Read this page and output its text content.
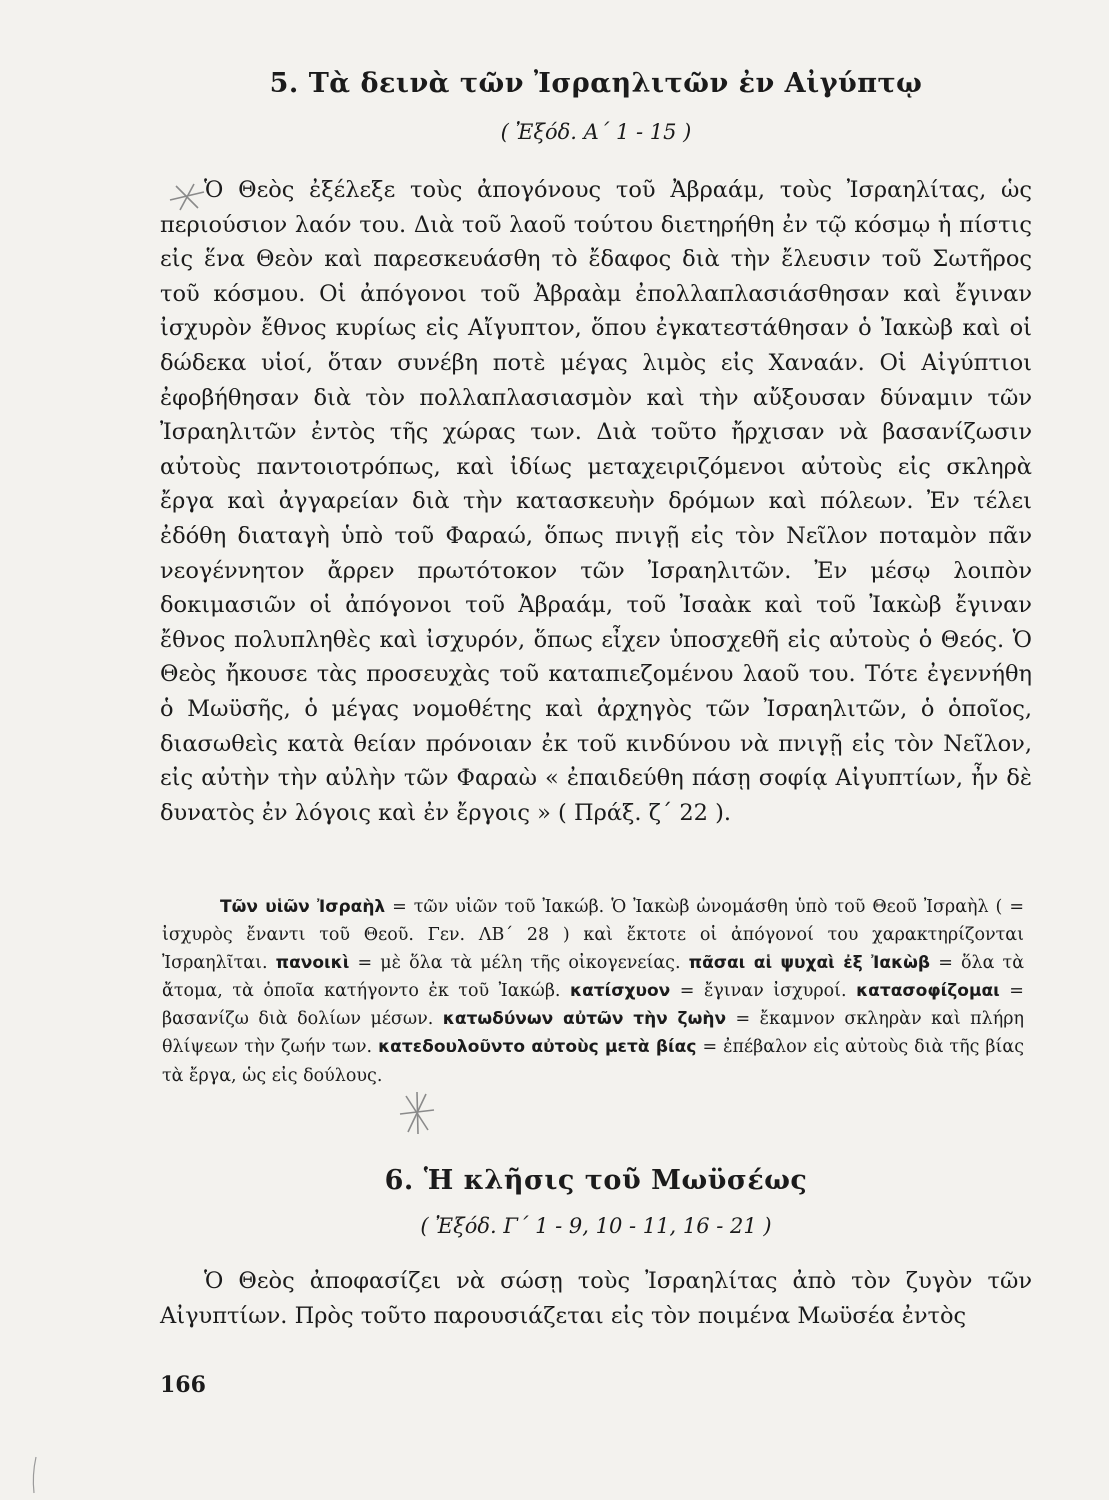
5. Τὰ δεινὰ τῶν Ἰσραηλιτῶν ἐν Αἰγύπτῳ
( Ἐξόδ. Α΄ 1 - 15 )

Ὁ Θεὸς ἐξέλεξε τοὺς ἀπογόνους τοῦ Ἀβραάμ, τοὺς Ἰσραηλίτας, ὡς περιούσιον λαόν του. Διὰ τοῦ λαοῦ τούτου διετηρήθη ἐν τῷ κόσμῳ ἡ πίστις εἰς ἕνα Θεὸν καὶ παρεσκευάσθη τὸ ἔδαφος διὰ τὴν ἔλευσιν τοῦ Σωτῆρος τοῦ κόσμου. Οἱ ἀπόγονοι τοῦ Ἀβραὰμ ἐπολλαπλασιάσθησαν καὶ ἔγιναν ἰσχυρὸν ἔθνος κυρίως εἰς Αἴγυπτον, ὅπου ἐγκατεστάθησαν ὁ Ἰακὼβ καὶ οἱ δώδεκα υἱοί, ὅταν συνέβη ποτὲ μέγας λιμὸς εἰς Χαναάν. Οἱ Αἰγύπτιοι ἐφοβήθησαν διὰ τὸν πολλαπλασιασμὸν καὶ τὴν αὔξουσαν δύναμιν τῶν Ἰσραηλιτῶν ἐντὸς τῆς χώρας των. Διὰ τοῦτο ἤρχισαν νὰ βασανίζωσιν αὐτοὺς παντοιοτρόπως, καὶ ἰδίως μεταχειριζόμενοι αὐτοὺς εἰς σκληρὰ ἔργα καὶ ἀγγαρείαν διὰ τὴν κατασκευὴν δρόμων καὶ πόλεων. Ἐν τέλει ἐδόθη διαταγὴ ὑπὸ τοῦ Φαραώ, ὅπως πνιγῇ εἰς τὸν Νεῖλον ποταμὸν πᾶν νεογέννητον ἄρρεν πρωτότοκον τῶν Ἰσραηλιτῶν. Ἐν μέσῳ λοιπὸν δοκιμασιῶν οἱ ἀπόγονοι τοῦ Ἀβραάμ, τοῦ Ἰσαὰκ καὶ τοῦ Ἰακὼβ ἔγιναν ἔθνος πολυπληθὲς καὶ ἰσχυρόν, ὅπως εἶχεν ὑποσχεθῆ εἰς αὐτοὺς ὁ Θεός. Ὁ Θεὸς ἤκουσε τὰς προσευχὰς τοῦ καταπιεζομένου λαοῦ του. Τότε ἐγεννήθη ὁ Μωϋσῆς, ὁ μέγας νομοθέτης καὶ ἀρχηγὸς τῶν Ἰσραηλιτῶν, ὁ ὁποῖος, διασωθεὶς κατὰ θείαν πρόνοιαν ἐκ τοῦ κινδύνου νὰ πνιγῇ εἰς τὸν Νεῖλον, εἰς αὐτὴν τὴν αὐλὴν τῶν Φαραὼ « ἐπαιδεύθη πάσῃ σοφίᾳ Αἰγυπτίων, ἦν δὲ δυνατὸς ἐν λόγοις καὶ ἐν ἔργοις » ( Πράξ. ζ΄ 22 ).

Τῶν υἱῶν Ἰσραὴλ = τῶν υἱῶν τοῦ Ἰακώβ. Ὁ Ἰακὼβ ὠνομάσθη ὑπὸ τοῦ Θεοῦ Ἰσραὴλ ( = ἰσχυρὸς ἔναντι τοῦ Θεοῦ. Γεν. ΛΒ΄ 28 ) καὶ ἔκτοτε οἱ ἀπόγονοί του χαρακτηρίζονται Ἰσραηλῖται. πανοικὶ = μὲ ὅλα τὰ μέλη τῆς οἰκογενείας. πᾶσαι αἱ ψυχαὶ ἐξ Ἰακὼβ = ὅλα τὰ ἄτομα, τὰ ὁποῖα κατήγοντο ἐκ τοῦ Ἰακώβ. κατίσχυον = ἔγιναν ἰσχυροί. κατασοφίζομαι = βασανίζω διὰ δολίων μέσων. κατωδύνων αὐτῶν τὴν ζωὴν = ἔκαμνον σκληρὰν καὶ πλήρη θλίψεων τὴν ζωήν των. κατεδουλοῦντο αὐτοὺς μετὰ βίας = ἐπέβαλον εἰς αὐτοὺς διὰ τῆς βίας τὰ ἔργα, ὡς εἰς δούλους.

6. Ἡ κλῆσις τοῦ Μωϋσέως
( Ἐξόδ. Γ΄ 1 - 9, 10 - 11, 16 - 21 )

Ὁ Θεὸς ἀποφασίζει νὰ σώσῃ τοὺς Ἰσραηλίτας ἀπὸ τὸν ζυγὸν τῶν Αἰγυπτίων. Πρὸς τοῦτο παρουσιάζεται εἰς τὸν ποιμένα Μωϋσέα ἐντὸς

166
